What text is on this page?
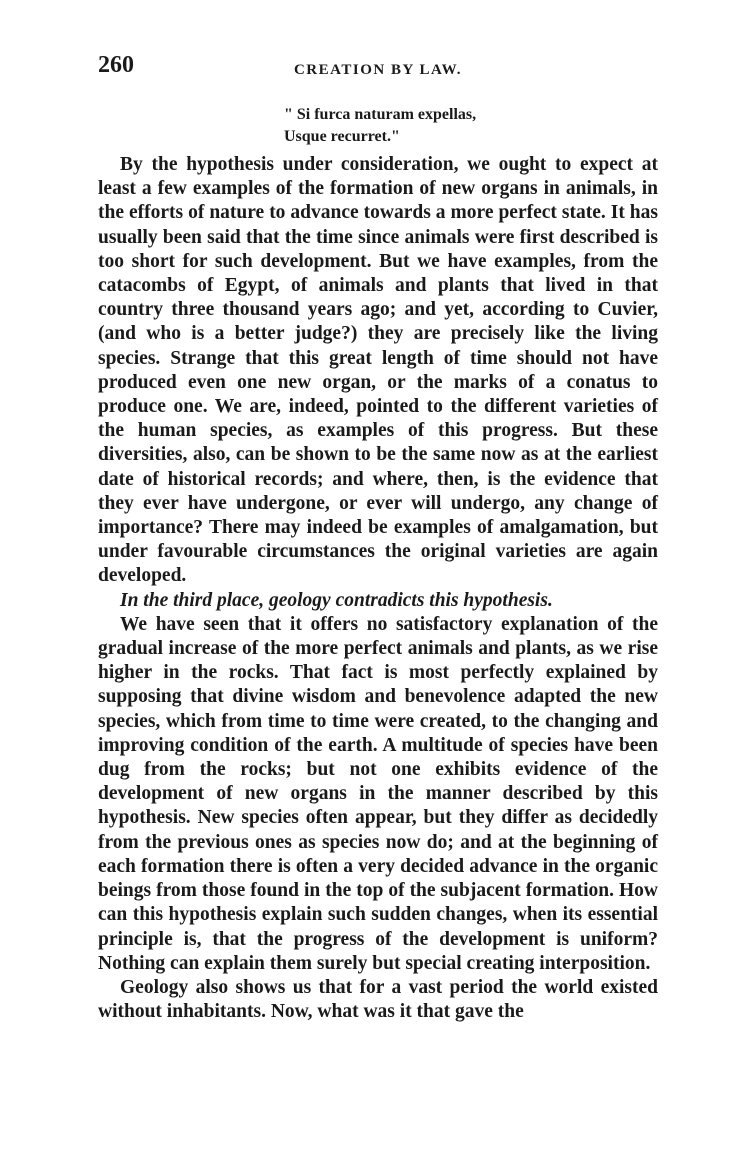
260	CREATION BY LAW.
" Si furca naturam expellas,
Usque recurret."

By the hypothesis under consideration, we ought to expect at least a few examples of the formation of new organs in animals, in the efforts of nature to advance towards a more perfect state. It has usually been said that the time since animals were first described is too short for such development. But we have examples, from the catacombs of Egypt, of animals and plants that lived in that country three thousand years ago; and yet, according to Cuvier, (and who is a better judge?) they are precisely like the living species. Strange that this great length of time should not have produced even one new organ, or the marks of a conatus to produce one. We are, indeed, pointed to the different varieties of the human species, as examples of this progress. But these diversities, also, can be shown to be the same now as at the earliest date of historical records; and where, then, is the evidence that they ever have undergone, or ever will undergo, any change of importance? There may indeed be examples of amalgamation, but under favourable circumstances the original varieties are again developed.

In the third place, geology contradicts this hypothesis.

We have seen that it offers no satisfactory explanation of the gradual increase of the more perfect animals and plants, as we rise higher in the rocks. That fact is most perfectly explained by supposing that divine wisdom and benevolence adapted the new species, which from time to time were created, to the changing and improving condition of the earth. A multitude of species have been dug from the rocks; but not one exhibits evidence of the development of new organs in the manner described by this hypothesis. New species often appear, but they differ as decidedly from the previous ones as species now do; and at the beginning of each formation there is often a very decided advance in the organic beings from those found in the top of the subjacent formation. How can this hypothesis explain such sudden changes, when its essential principle is, that the progress of the development is uniform? Nothing can explain them surely but special creating interposition.

Geology also shows us that for a vast period the world existed without inhabitants. Now, what was it that gave the
